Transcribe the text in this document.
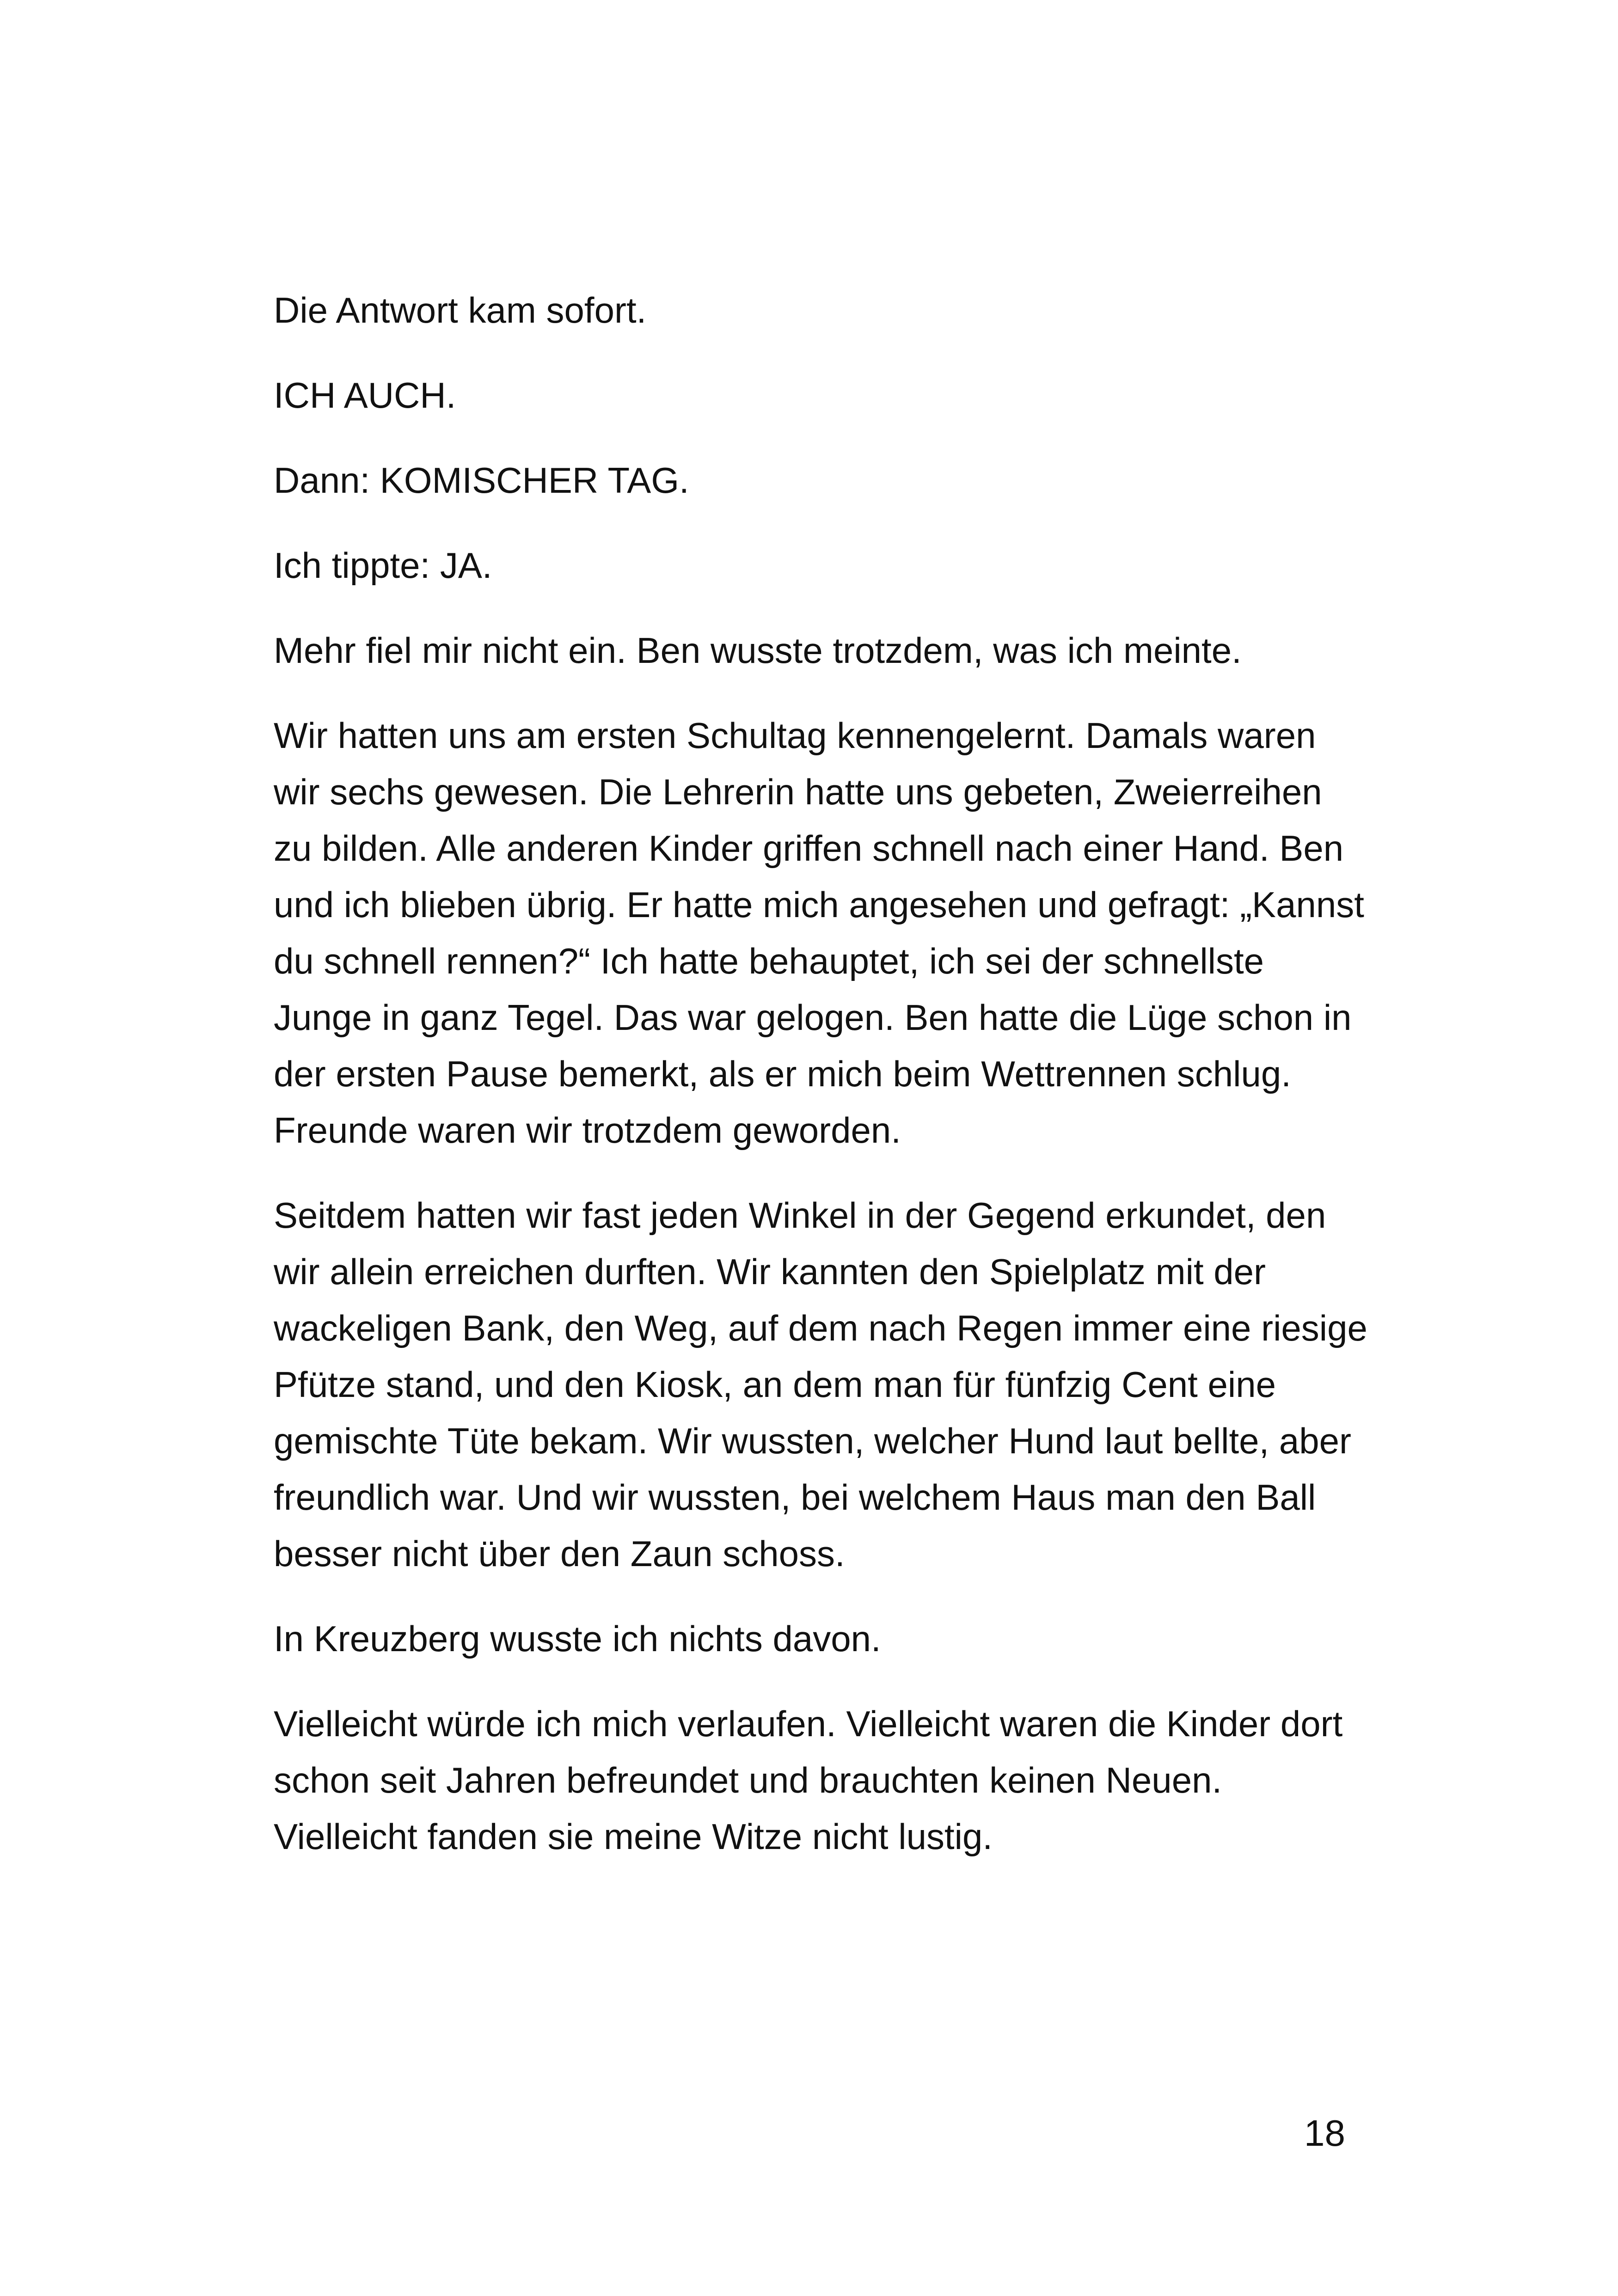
Die Antwort kam sofort.

ICH AUCH.

Dann: KOMISCHER TAG.

Ich tippte: JA.

Mehr fiel mir nicht ein. Ben wusste trotzdem, was ich meinte.

Wir hatten uns am ersten Schultag kennengelernt. Damals waren wir sechs gewesen. Die Lehrerin hatte uns gebeten, Zweierreihen zu bilden. Alle anderen Kinder griffen schnell nach einer Hand. Ben und ich blieben übrig. Er hatte mich angesehen und gefragt: „Kannst du schnell rennen?“ Ich hatte behauptet, ich sei der schnellste Junge in ganz Tegel. Das war gelogen. Ben hatte die Lüge schon in der ersten Pause bemerkt, als er mich beim Wettrennen schlug. Freunde waren wir trotzdem geworden.

Seitdem hatten wir fast jeden Winkel in der Gegend erkundet, den wir allein erreichen durften. Wir kannten den Spielplatz mit der wackeligen Bank, den Weg, auf dem nach Regen immer eine riesige Pfütze stand, und den Kiosk, an dem man für fünfzig Cent eine gemischte Tüte bekam. Wir wussten, welcher Hund laut bellte, aber freundlich war. Und wir wussten, bei welchem Haus man den Ball besser nicht über den Zaun schoss.

In Kreuzberg wusste ich nichts davon.

Vielleicht würde ich mich verlaufen. Vielleicht waren die Kinder dort schon seit Jahren befreundet und brauchten keinen Neuen. Vielleicht fanden sie meine Witze nicht lustig.

18
